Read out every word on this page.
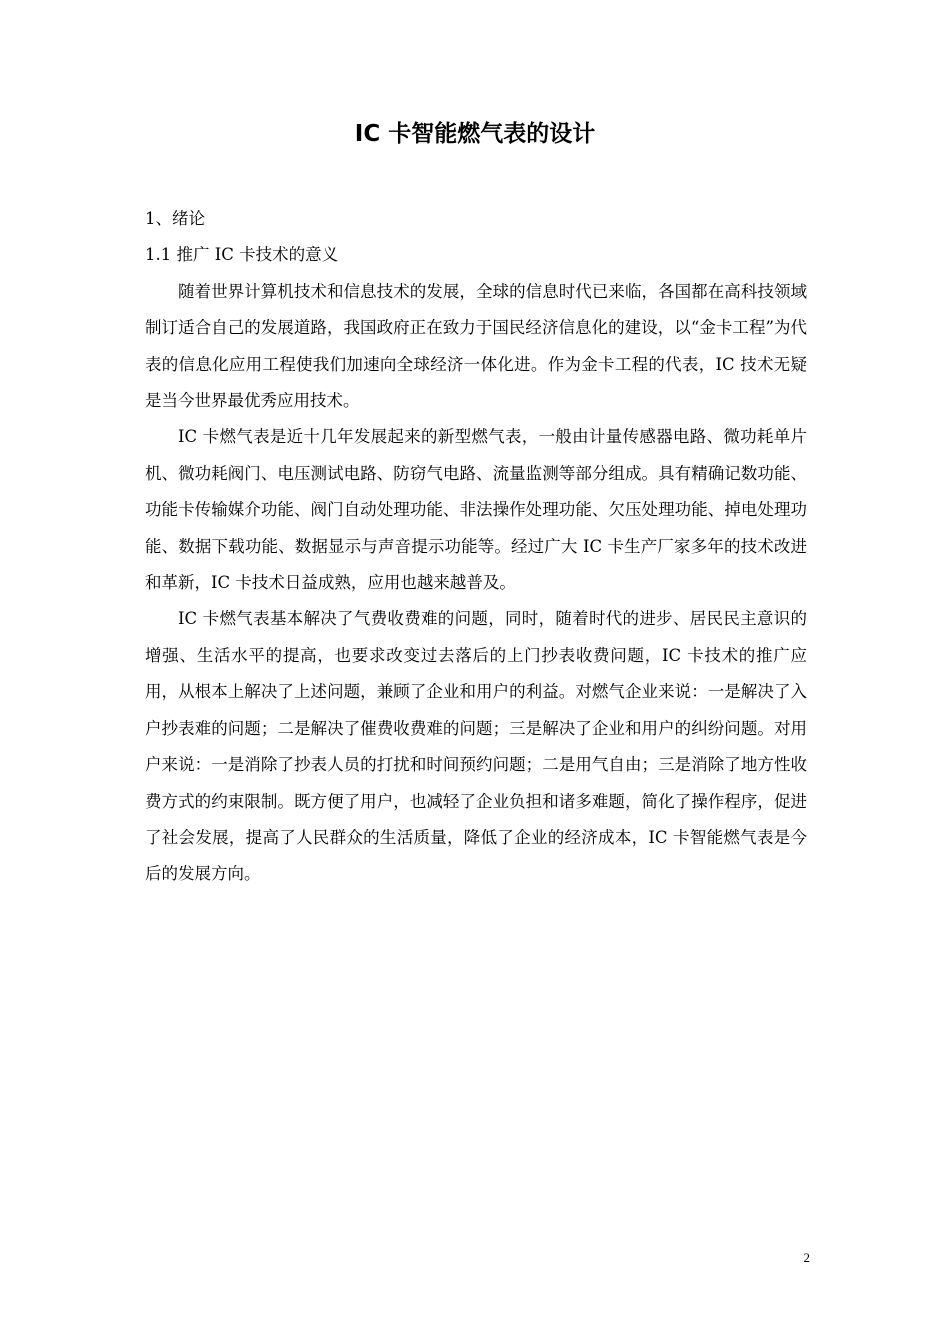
IC 卡智能燃气表的设计

1、绪论

1.1 推广 IC 卡技术的意义

随着世界计算机技术和信息技术的发展，全球的信息时代已来临，各国都在高科技领域制订适合自己的发展道路，我国政府正在致力于国民经济信息化的建设，以“金卡工程”为代表的信息化应用工程使我们加速向全球经济一体化进。作为金卡工程的代表，IC 技术无疑是当今世界最优秀应用技术。

IC 卡燃气表是近十几年发展起来的新型燃气表，一般由计量传感器电路、微功耗单片机、微功耗阀门、电压测试电路、防窃气电路、流量监测等部分组成。具有精确记数功能、功能卡传输媒介功能、阀门自动处理功能、非法操作处理功能、欠压处理功能、掉电处理功能、数据下载功能、数据显示与声音提示功能等。经过广大 IC 卡生产厂家多年的技术改进和革新，IC 卡技术日益成熟，应用也越来越普及。

IC 卡燃气表基本解决了气费收费难的问题，同时，随着时代的进步、居民民主意识的增强、生活水平的提高，也要求改变过去落后的上门抄表收费问题，IC 卡技术的推广应用，从根本上解决了上述问题，兼顾了企业和用户的利益。对燃气企业来说：一是解决了入户抄表难的问题；二是解决了催费收费难的问题；三是解决了企业和用户的纠纷问题。对用户来说：一是消除了抄表人员的打扰和时间预约问题；二是用气自由；三是消除了地方性收费方式的约束限制。既方便了用户，也减轻了企业负担和诸多难题，简化了操作程序，促进了社会发展，提高了人民群众的生活质量，降低了企业的经济成本，IC 卡智能燃气表是今后的发展方向。

2
